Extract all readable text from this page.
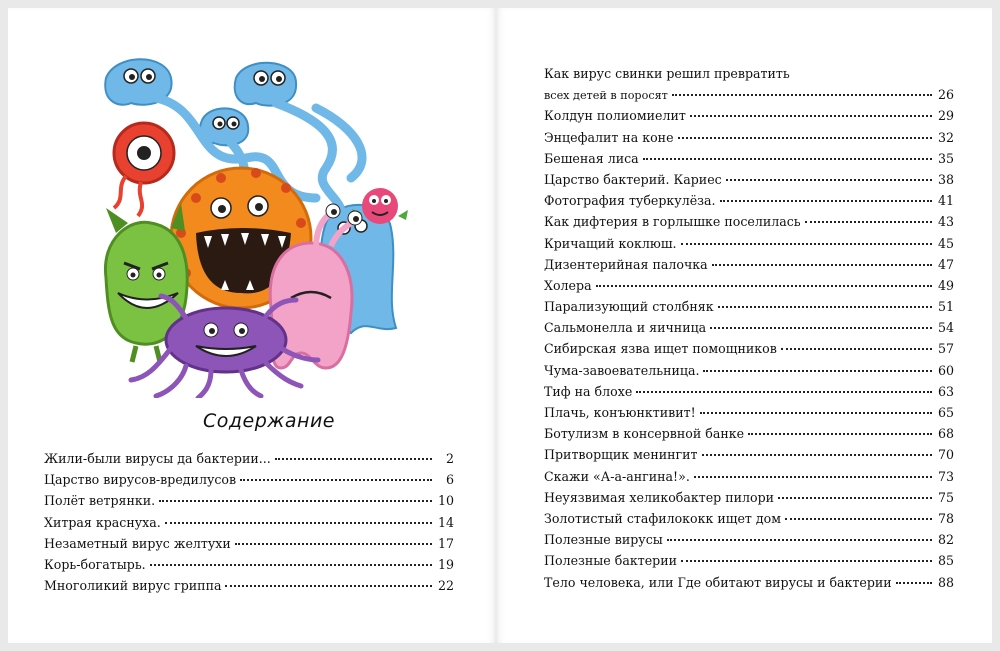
Содержание
Жили-были вирусы да бактерии...	2
Царство вирусов-вредилусов	6
Полёт ветрянки.	10
Хитрая краснуха.	14
Незаметный вирус желтухи	17
Корь-богатырь.	19
Многоликий вирус гриппа	22
Как вирус свинки решил превратить
всех детей в поросят	26
Колдун полиомиелит	29
Энцефалит на коне	32
Бешеная лиса	35
Царство бактерий. Кариес	38
Фотография туберкулёза.	41
Как дифтерия в горлышке поселилась	43
Кричащий коклюш.	45
Дизентерийная палочка	47
Холера	49
Парализующий столбняк	51
Сальмонелла и яичница	54
Сибирская язва ищет помощников	57
Чума-завоевательница.	60
Тиф на блохе	63
Плачь, конъюнктивит!	65
Ботулизм в консервной банке	68
Притворщик менингит	70
Скажи «А-а-ангина!».	73
Неуязвимая хеликобактер пилори	75
Золотистый стафилококк ищет дом	78
Полезные вирусы	82
Полезные бактерии	85
Тело человека, или Где обитают вирусы и бактерии	88
